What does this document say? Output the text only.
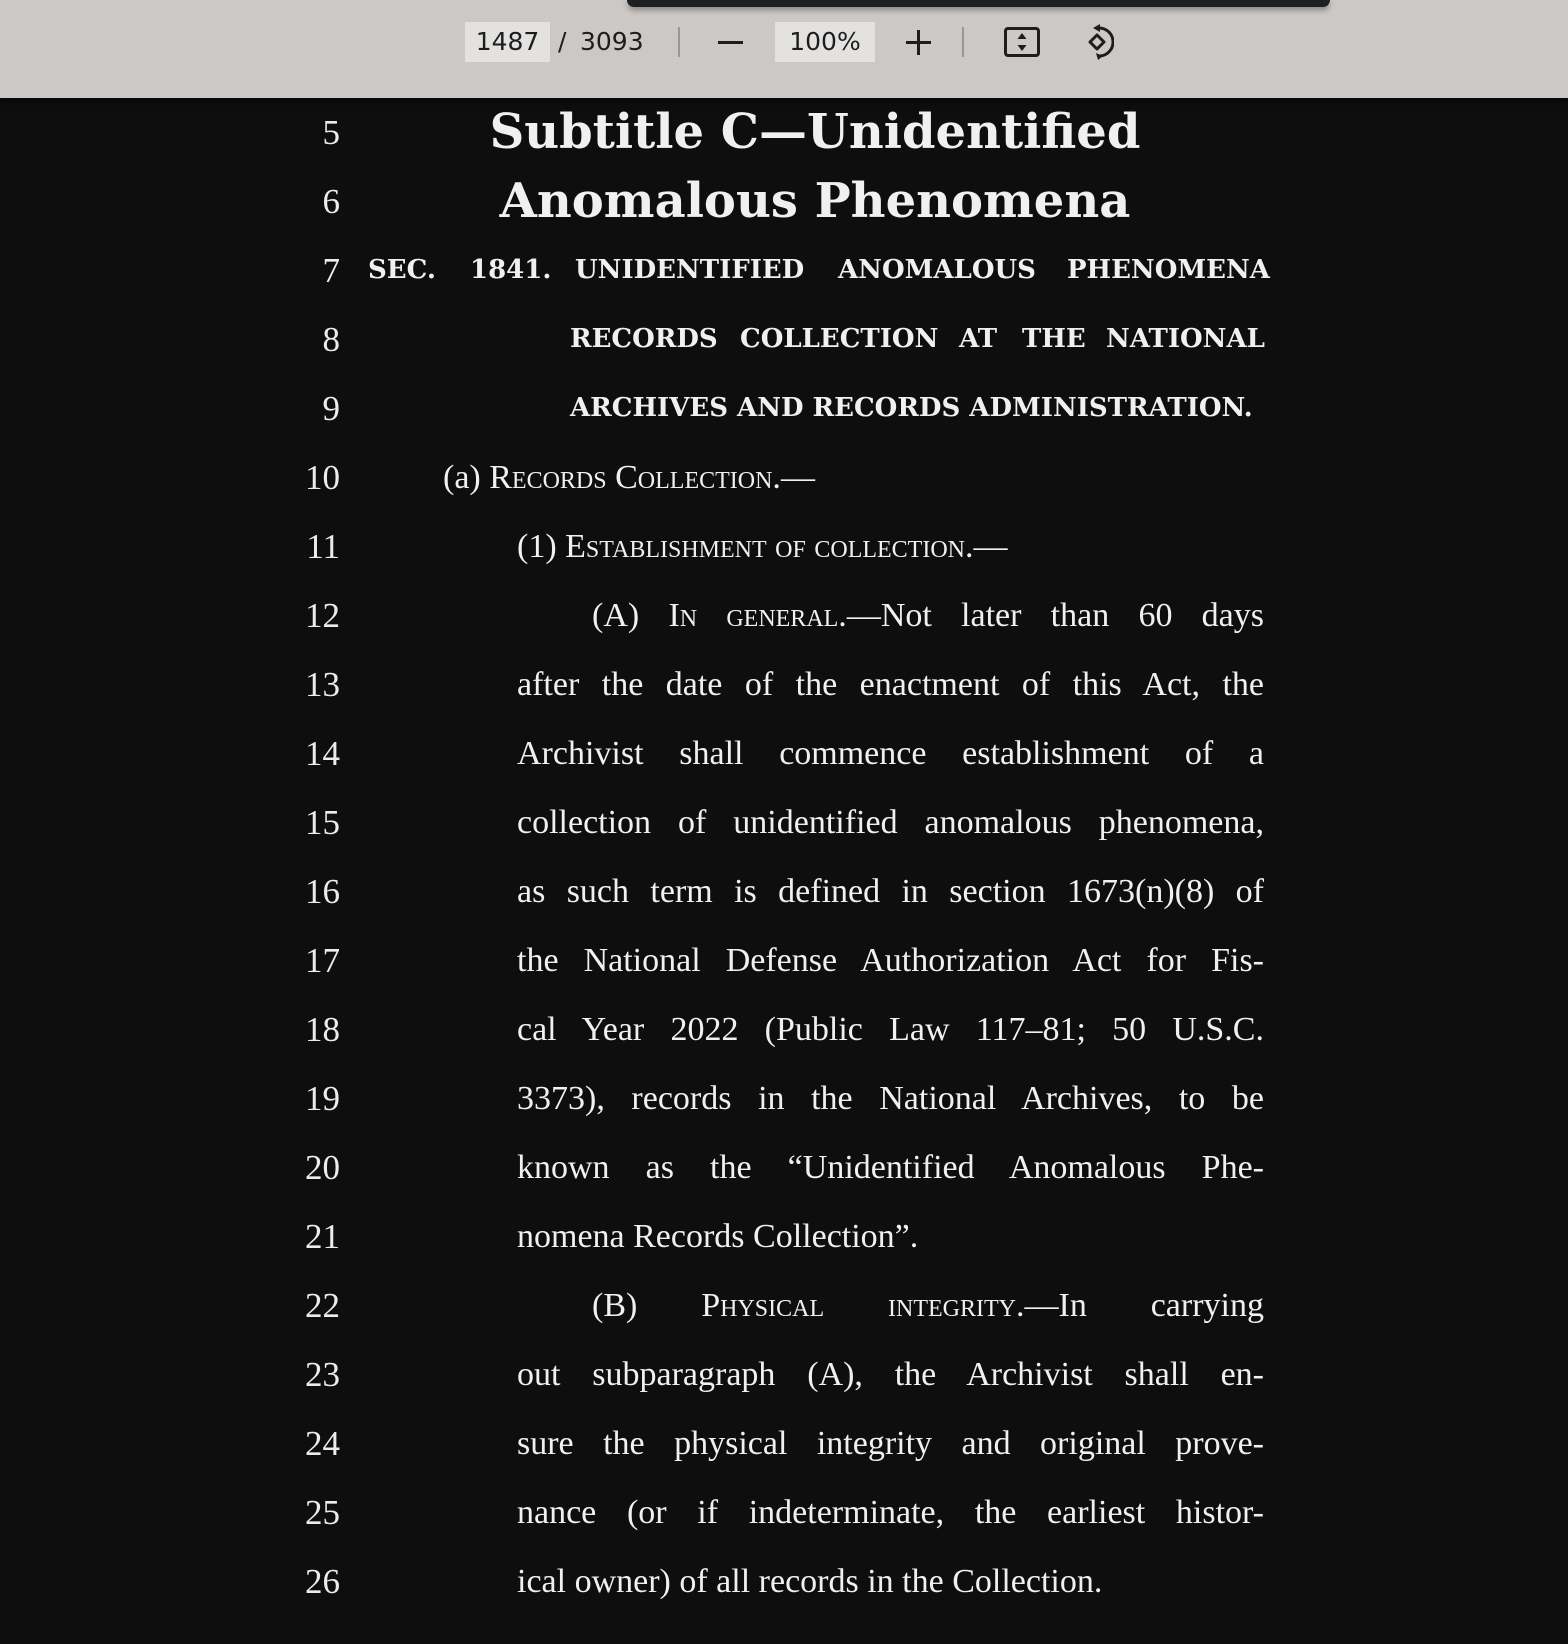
1487 / 3093	100%
5	Subtitle C—Unidentified
6	Anomalous Phenomena
7 SEC. 1841. UNIDENTIFIED ANOMALOUS PHENOMENA
8	RECORDS COLLECTION AT THE NATIONAL
9	ARCHIVES AND RECORDS ADMINISTRATION.
10	(a) Records Collection.—
11	(1) Establishment of collection.—
12	(A) In general.—Not later than 60 days
13	after the date of the enactment of this Act, the
14	Archivist shall commence establishment of a
15	collection of unidentified anomalous phenomena,
16	as such term is defined in section 1673(n)(8) of
17	the National Defense Authorization Act for Fis-
18	cal Year 2022 (Public Law 117–81; 50 U.S.C.
19	3373), records in the National Archives, to be
20	known as the “Unidentified Anomalous Phe-
21	nomena Records Collection”.
22	(B) Physical integrity.—In carrying
23	out subparagraph (A), the Archivist shall en-
24	sure the physical integrity and original prove-
25	nance (or if indeterminate, the earliest histor-
26	ical owner) of all records in the Collection.
